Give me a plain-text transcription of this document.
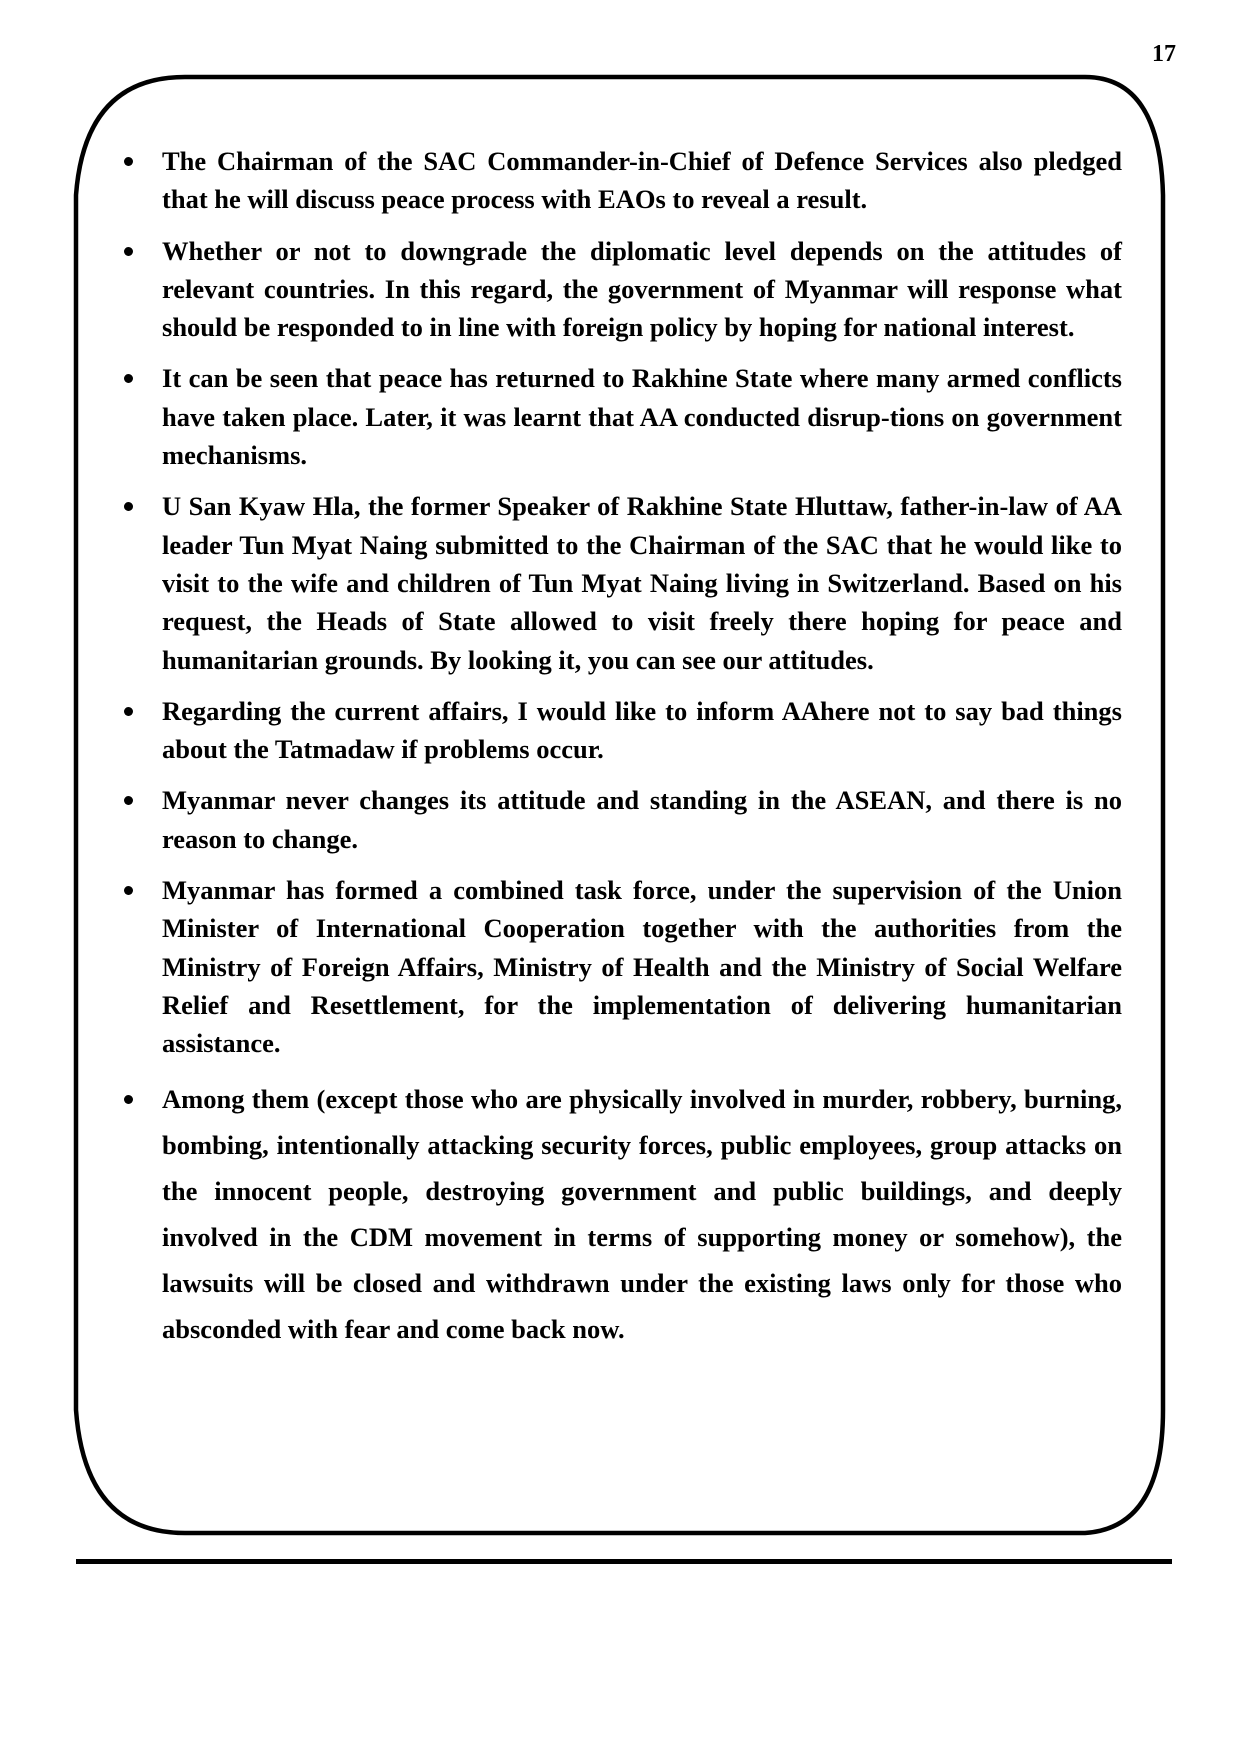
17
The Chairman of the SAC Commander-in-Chief of Defence Services also pledged that he will discuss peace process with EAOs to reveal a result.
Whether or not to downgrade the diplomatic level depends on the attitudes of relevant countries. In this regard, the government of Myanmar will response what should be responded to in line with foreign policy by hoping for national interest.
It can be seen that peace has returned to Rakhine State where many armed conflicts have taken place. Later, it was learnt that AA conducted disrup-tions on government mechanisms.
U San Kyaw Hla, the former Speaker of Rakhine State Hluttaw, father-in-law of AA leader Tun Myat Naing submitted to the Chairman of the SAC that he would like to visit to the wife and children of Tun Myat Naing living in Switzerland. Based on his request, the Heads of State allowed to visit freely there hoping for peace and humanitarian grounds. By looking it, you can see our attitudes.
Regarding the current affairs, I would like to inform AAhere not to say bad things about the Tatmadaw if problems occur.
Myanmar never changes its attitude and standing in the ASEAN, and there is no reason to change.
Myanmar has formed a combined task force, under the supervision of the Union Minister of International Cooperation together with the authorities from the Ministry of Foreign Affairs, Ministry of Health and the Ministry of Social Welfare Relief and Resettlement, for the implementation of delivering humanitarian assistance.
Among them (except those who are physically involved in murder, robbery, burning, bombing, intentionally attacking security forces, public employees, group attacks on the innocent people, destroying government and public buildings, and deeply involved in the CDM movement in terms of supporting money or somehow), the lawsuits will be closed and withdrawn under the existing laws only for those who absconded with fear and come back now.
